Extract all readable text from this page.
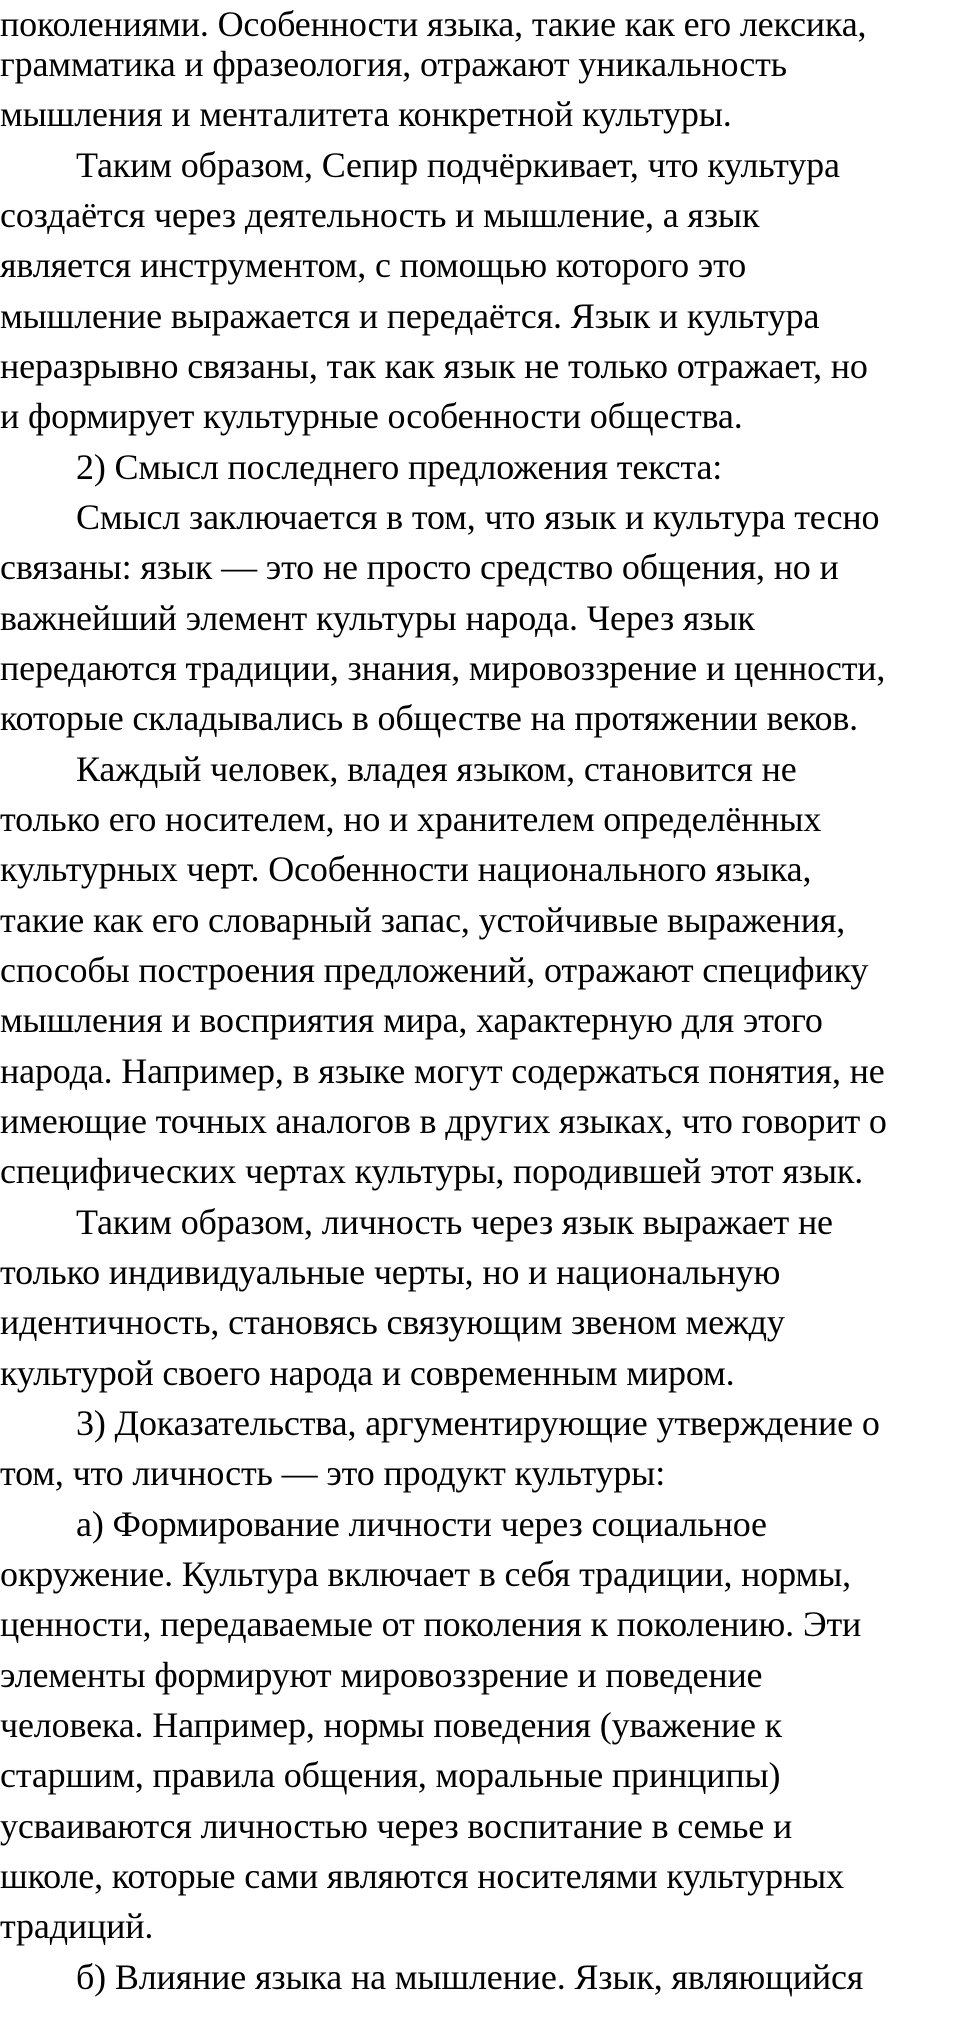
поколениями. Особенности языка, такие как его лексика,
грамматика и фразеология, отражают уникальность
мышления и менталитета конкретной культуры.
Таким образом, Сепир подчёркивает, что культура
создаётся через деятельность и мышление, а язык
является инструментом, с помощью которого это
мышление выражается и передаётся. Язык и культура
неразрывно связаны, так как язык не только отражает, но
и формирует культурные особенности общества.
2) Смысл последнего предложения текста:
Смысл заключается в том, что язык и культура тесно
связаны: язык — это не просто средство общения, но и
важнейший элемент культуры народа. Через язык
передаются традиции, знания, мировоззрение и ценности,
которые складывались в обществе на протяжении веков.
Каждый человек, владея языком, становится не
только его носителем, но и хранителем определённых
культурных черт. Особенности национального языка,
такие как его словарный запас, устойчивые выражения,
способы построения предложений, отражают специфику
мышления и восприятия мира, характерную для этого
народа. Например, в языке могут содержаться понятия, не
имеющие точных аналогов в других языках, что говорит о
специфических чертах культуры, породившей этот язык.
Таким образом, личность через язык выражает не
только индивидуальные черты, но и национальную
идентичность, становясь связующим звеном между
культурой своего народа и современным миром.
3) Доказательства, аргументирующие утверждение о
том, что личность — это продукт культуры:
а) Формирование личности через социальное
окружение. Культура включает в себя традиции, нормы,
ценности, передаваемые от поколения к поколению. Эти
элементы формируют мировоззрение и поведение
человека. Например, нормы поведения (уважение к
старшим, правила общения, моральные принципы)
усваиваются личностью через воспитание в семье и
школе, которые сами являются носителями культурных
традиций.
б) Влияние языка на мышление. Язык, являющийся
